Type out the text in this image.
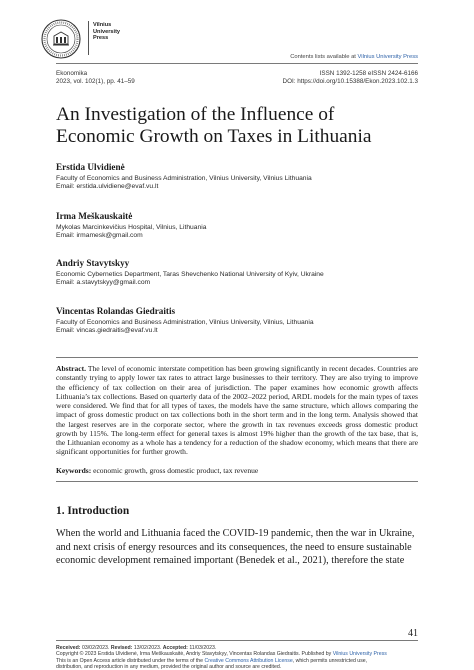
Vilnius
University
Press
Contents lists available at Vilnius University Press
Ekonomika
2023, vol. 102(1), pp. 41–59
ISSN 1392-1258 eISSN 2424-6166
DOI: https://doi.org/10.15388/Ekon.2023.102.1.3
An Investigation of the Influence of
Economic Growth on Taxes in Lithuania
Erstida Ulvidienė
Faculty of Economics and Business Administration, Vilnius University, Vilnius Lithuania
Email: erstida.ulvidiene@evaf.vu.lt
Irma Meškauskaitė
Mykolas Marcinkevičius Hospital, Vilnius, Lithuania
Email: irmamesk@gmail.com
Andriy Stavytskyy
Economic Cybernetics Department, Taras Shevchenko National University of Kyiv, Ukraine
Email: a.stavytskyy@gmail.com
Vincentas Rolandas Giedraitis
Faculty of Economics and Business Administration, Vilnius University, Vilnius, Lithuania
Email: vincas.giedraitis@evaf.vu.lt
Abstract. The level of economic interstate competition has been growing significantly in recent decades. Countries are constantly trying to apply lower tax rates to attract large businesses to their territory. They are also trying to improve the efficiency of tax collection on their area of jurisdiction. The paper examines how economic growth affects Lithuania’s tax collections. Based on quarterly data of the 2002–2022 period, ARDL models for the main types of taxes were considered. We find that for all types of taxes, the models have the same structure, which allows comparing the impact of gross domestic product on tax collections both in the short term and in the long term. Analysis showed that the largest reserves are in the corporate sector, where the growth in tax revenues exceeds gross domestic product growth by 115%. The long-term effect for general taxes is almost 19% higher than the growth of the tax base, that is, the Lithuanian economy as a whole has a tendency for a reduction of the shadow economy, which means that there are significant opportunities for further growth.
Keywords: economic growth, gross domestic product, tax revenue
1. Introduction
When the world and Lithuania faced the COVID-19 pandemic, then the war in Ukraine,
and next crisis of energy resources and its consequences, the need to ensure sustainable
economic development remained important (Benedek et al., 2021), therefore the state
Received: 03/02/2023. Revised: 13/02/2023. Accepted: 11/03/2023.
Copyright © 2023 Erstida Ulvidienė, Irma Meškauskaitė, Andriy Stavytskyy, Vincentas Rolandas Giedraitis. Published by Vilnius University Press
This is an Open Access article distributed under the terms of the Creative Commons Attribution License, which permits unrestricted use,
distribution, and reproduction in any medium, provided the original author and source are credited.
41
